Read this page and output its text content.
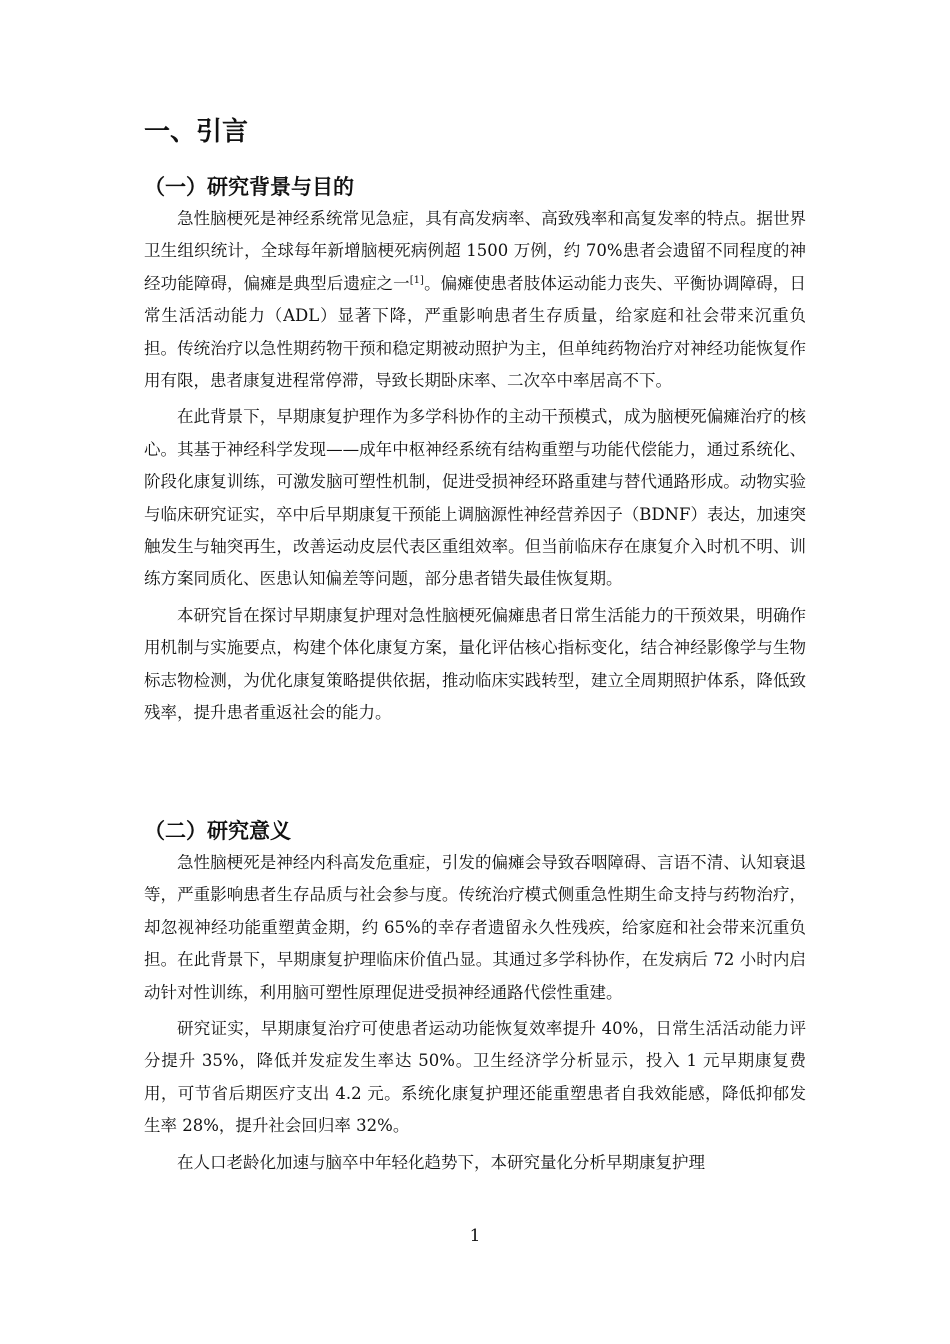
一、引言
（一）研究背景与目的

急性脑梗死是神经系统常见急症，具有高发病率、高致残率和高复发率的特点。据世界卫生组织统计，全球每年新增脑梗死病例超 1500 万例，约 70%患者会遗留不同程度的神经功能障碍，偏瘫是典型后遗症之一[1]。偏瘫使患者肢体运动能力丧失、平衡协调障碍，日常生活活动能力（ADL）显著下降，严重影响患者生存质量，给家庭和社会带来沉重负担。传统治疗以急性期药物干预和稳定期被动照护为主，但单纯药物治疗对神经功能恢复作用有限，患者康复进程常停滞，导致长期卧床率、二次卒中率居高不下。

在此背景下，早期康复护理作为多学科协作的主动干预模式，成为脑梗死偏瘫治疗的核心。其基于神经科学发现——成年中枢神经系统有结构重塑与功能代偿能力，通过系统化、阶段化康复训练，可激发脑可塑性机制，促进受损神经环路重建与替代通路形成。动物实验与临床研究证实，卒中后早期康复干预能上调脑源性神经营养因子（BDNF）表达，加速突触发生与轴突再生，改善运动皮层代表区重组效率。但当前临床存在康复介入时机不明、训练方案同质化、医患认知偏差等问题，部分患者错失最佳恢复期。

本研究旨在探讨早期康复护理对急性脑梗死偏瘫患者日常生活能力的干预效果，明确作用机制与实施要点，构建个体化康复方案，量化评估核心指标变化，结合神经影像学与生物标志物检测，为优化康复策略提供依据，推动临床实践转型，建立全周期照护体系，降低致残率，提升患者重返社会的能力。

（二）研究意义

急性脑梗死是神经内科高发危重症，引发的偏瘫会导致吞咽障碍、言语不清、认知衰退等，严重影响患者生存品质与社会参与度。传统治疗模式侧重急性期生命支持与药物治疗，却忽视神经功能重塑黄金期，约 65%的幸存者遗留永久性残疾，给家庭和社会带来沉重负担。在此背景下，早期康复护理临床价值凸显。其通过多学科协作，在发病后 72 小时内启动针对性训练，利用脑可塑性原理促进受损神经通路代偿性重建。

研究证实，早期康复治疗可使患者运动功能恢复效率提升 40%，日常生活活动能力评分提升 35%，降低并发症发生率达 50%。卫生经济学分析显示，投入 1 元早期康复费用，可节省后期医疗支出 4.2 元。系统化康复护理还能重塑患者自我效能感，降低抑郁发生率 28%，提升社会回归率 32%。

在人口老龄化加速与脑卒中年轻化趋势下，本研究量化分析早期康复护理

1
